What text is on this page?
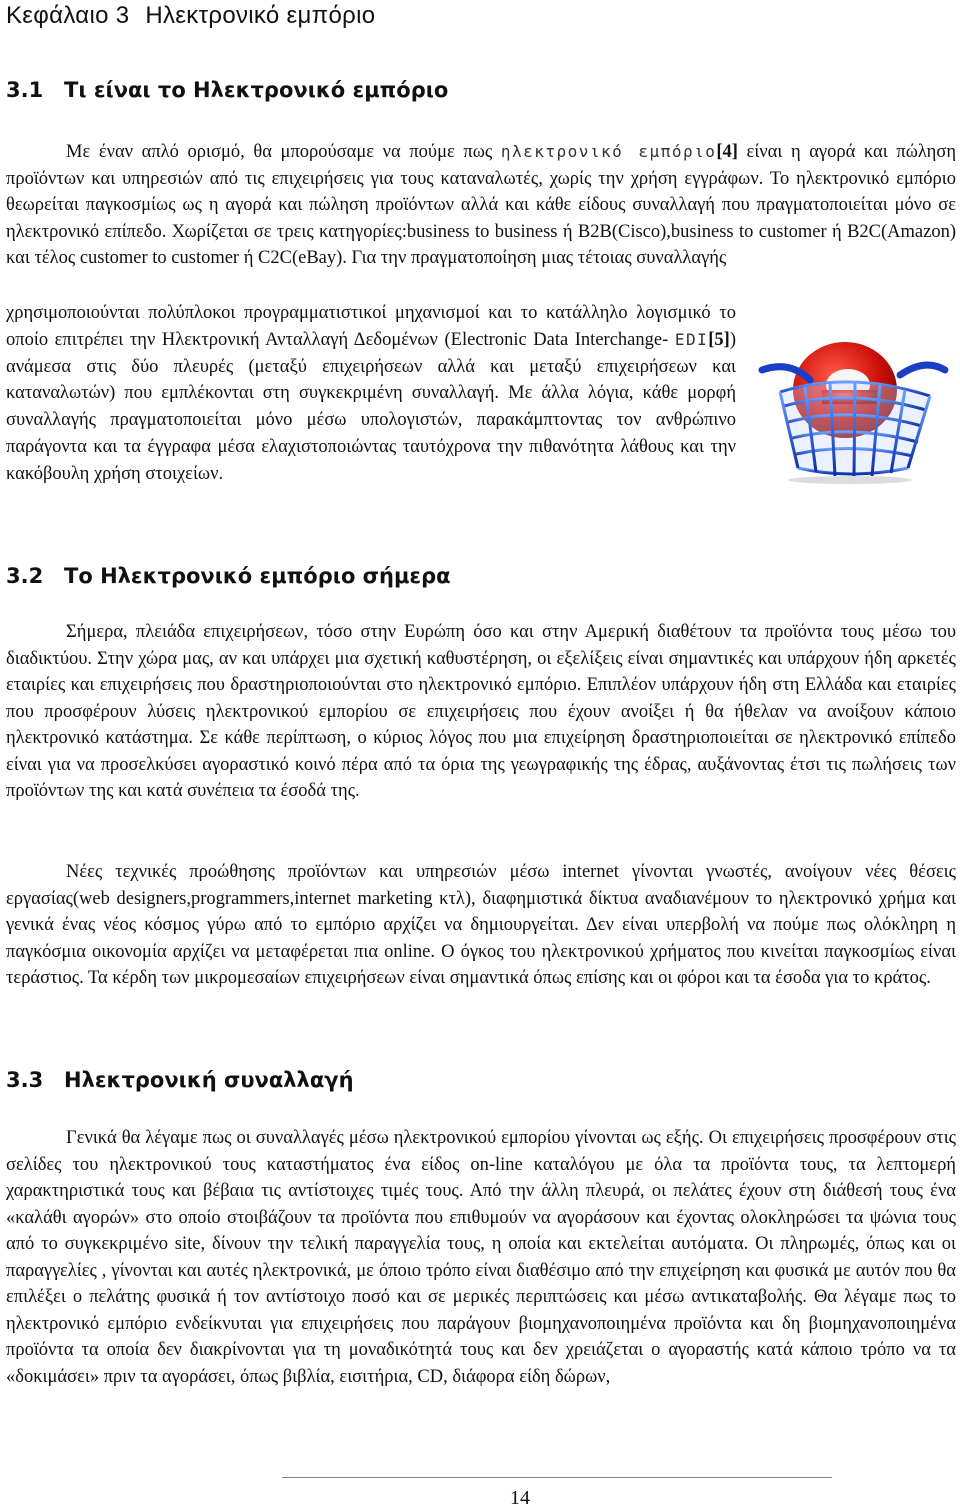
Κεφάλαιο 3 Ηλεκτρονικό εμπόριο
3.1 Τι είναι το Ηλεκτρονικό εμπόριο

Με έναν απλό ορισμό, θα μπορούσαμε να πούμε πως ηλεκτρονικό εμπόριο[4] είναι η αγορά και πώληση προϊόντων και υπηρεσιών από τις επιχειρήσεις για τους καταναλωτές, χωρίς την χρήση εγγράφων. Το ηλεκτρονικό εμπόριο θεωρείται παγκοσμίως ως η αγορά και πώληση προϊόντων αλλά και κάθε είδους συναλλαγή που πραγματοποιείται μόνο σε ηλεκτρονικό επίπεδο. Χωρίζεται σε τρεις κατηγορίες:business to business ή B2B(Cisco),business to customer ή B2C(Amazon) και τέλος customer to customer ή C2C(eBay). Για την πραγματοποίηση μιας τέτοιας συναλλαγής

χρησιμοποιούνται πολύπλοκοι προγραμματιστικοί μηχανισμοί και το κατάλληλο λογισμικό το οποίο επιτρέπει την Ηλεκτρονική Ανταλλαγή Δεδομένων (Electronic Data Interchange- EDI[5]) ανάμεσα στις δύο πλευρές (μεταξύ επιχειρήσεων αλλά και μεταξύ επιχειρήσεων και καταναλωτών) που εμπλέκονται στη συγκεκριμένη συναλλαγή. Με άλλα λόγια, κάθε μορφή συναλλαγής πραγματοποιείται μόνο μέσω υπολογιστών, παρακάμπτοντας τον ανθρώπινο παράγοντα και τα έγγραφα μέσα ελαχιστοποιώντας ταυτόχρονα την πιθανότητα λάθους και την κακόβουλη χρήση στοιχείων.

3.2 Το Ηλεκτρονικό εμπόριο σήμερα

Σήμερα, πλειάδα επιχειρήσεων, τόσο στην Ευρώπη όσο και στην Αμερική διαθέτουν τα προϊόντα τους μέσω του διαδικτύου. Στην χώρα μας, αν και υπάρχει μια σχετική καθυστέρηση, οι εξελίξεις είναι σημαντικές και υπάρχουν ήδη αρκετές εταιρίες και επιχειρήσεις που δραστηριοποιούνται στο ηλεκτρονικό εμπόριο. Επιπλέον υπάρχουν ήδη στη Ελλάδα και εταιρίες που προσφέρουν λύσεις ηλεκτρονικού εμπορίου σε επιχειρήσεις που έχουν ανοίξει ή θα ήθελαν να ανοίξουν κάποιο ηλεκτρονικό κατάστημα. Σε κάθε περίπτωση, ο κύριος λόγος που μια επιχείρηση δραστηριοποιείται σε ηλεκτρονικό επίπεδο είναι για να προσελκύσει αγοραστικό κοινό πέρα από τα όρια της γεωγραφικής της έδρας, αυξάνοντας έτσι τις πωλήσεις των προϊόντων της και κατά συνέπεια τα έσοδά της.

Νέες τεχνικές προώθησης προϊόντων και υπηρεσιών μέσω internet γίνονται γνωστές, ανοίγουν νέες θέσεις εργασίας(web designers,programmers,internet marketing κτλ), διαφημιστικά δίκτυα αναδιανέμουν το ηλεκτρονικό χρήμα και γενικά ένας νέος κόσμος γύρω από το εμπόριο αρχίζει να δημιουργείται. Δεν είναι υπερβολή να πούμε πως ολόκληρη η παγκόσμια οικονομία αρχίζει να μεταφέρεται πια online. Ο όγκος του ηλεκτρονικού χρήματος που κινείται παγκοσμίως είναι τεράστιος. Τα κέρδη των μικρομεσαίων επιχειρήσεων είναι σημαντικά όπως επίσης και οι φόροι και τα έσοδα για το κράτος.

3.3 Ηλεκτρονική συναλλαγή

Γενικά θα λέγαμε πως οι συναλλαγές μέσω ηλεκτρονικού εμπορίου γίνονται ως εξής. Οι επιχειρήσεις προσφέρουν στις σελίδες του ηλεκτρονικού τους καταστήματος ένα είδος on-line καταλόγου με όλα τα προϊόντα τους, τα λεπτομερή χαρακτηριστικά τους και βέβαια τις αντίστοιχες τιμές τους. Από την άλλη πλευρά, οι πελάτες έχουν στη διάθεσή τους ένα «καλάθι αγορών» στο οποίο στοιβάζουν τα προϊόντα που επιθυμούν να αγοράσουν και έχοντας ολοκληρώσει τα ψώνια τους από το συγκεκριμένο site, δίνουν την τελική παραγγελία τους, η οποία και εκτελείται αυτόματα. Οι πληρωμές, όπως και οι παραγγελίες , γίνονται και αυτές ηλεκτρονικά, με όποιο τρόπο είναι διαθέσιμο από την επιχείρηση και φυσικά με αυτόν που θα επιλέξει ο πελάτης φυσικά ή τον αντίστοιχο ποσό και σε μερικές περιπτώσεις και μέσω αντικαταβολής. Θα λέγαμε πως το ηλεκτρονικό εμπόριο ενδείκνυται για επιχειρήσεις που παράγουν βιομηχανοποιημένα προϊόντα και δη βιομηχανοποιημένα προϊόντα τα οποία δεν διακρίνονται για τη μοναδικότητά τους και δεν χρειάζεται ο αγοραστής κατά κάποιο τρόπο να τα «δοκιμάσει» πριν τα αγοράσει, όπως βιβλία, εισιτήρια, CD, διάφορα είδη δώρων,

14
